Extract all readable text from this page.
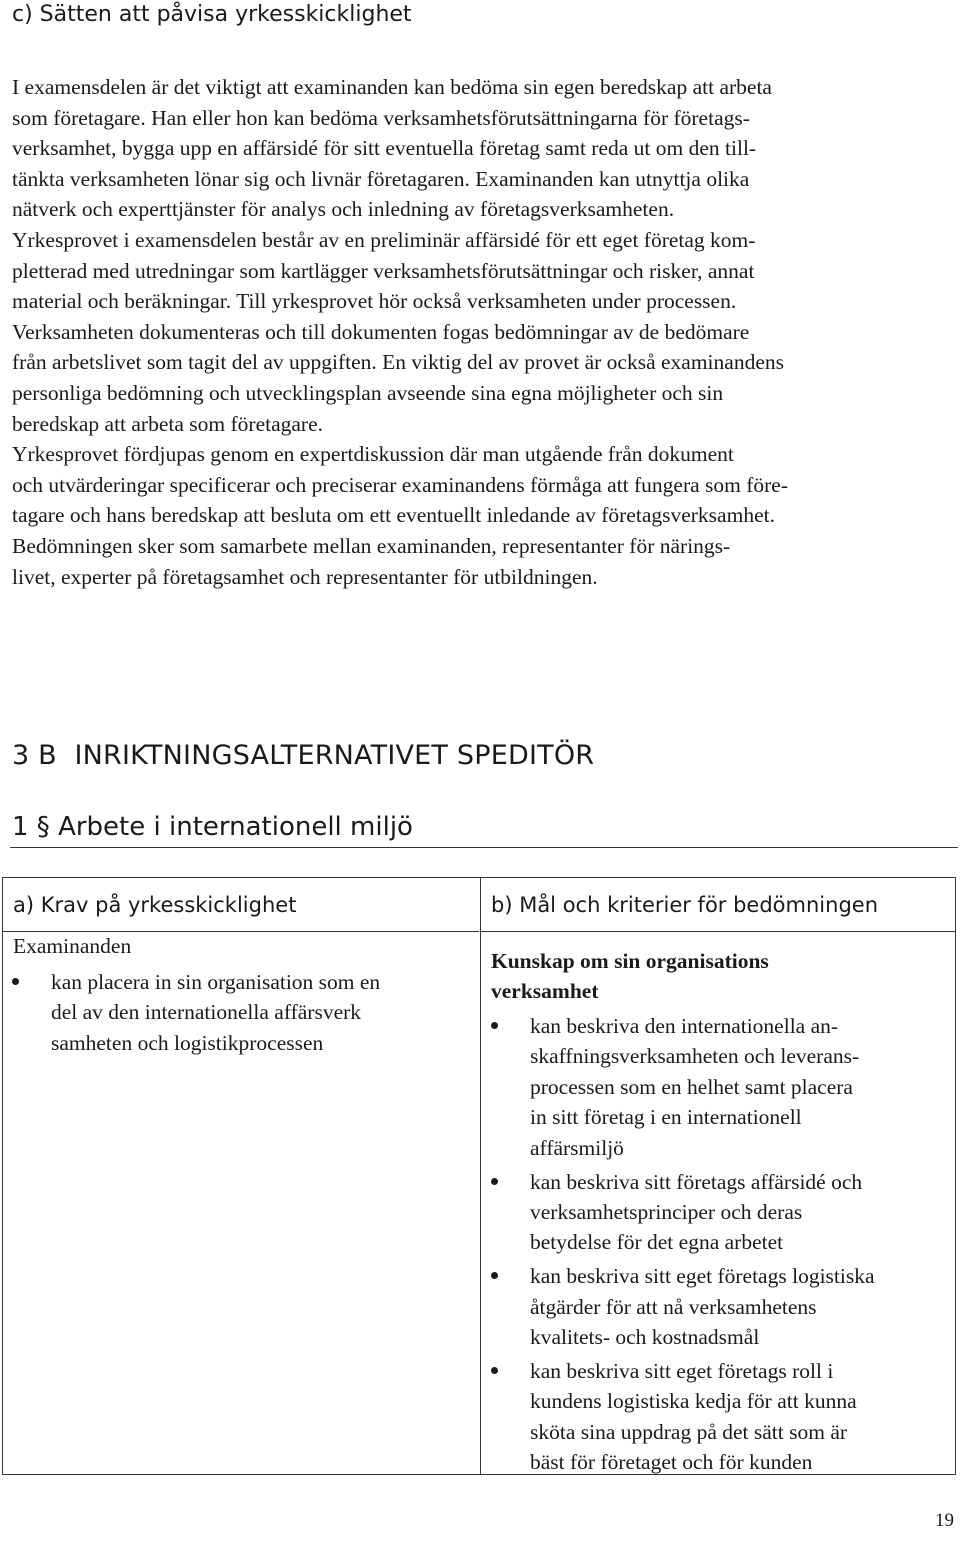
c) Sätten att påvisa yrkesskicklighet
I examensdelen är det viktigt att examinanden kan bedöma sin egen beredskap att arbeta
som företagare. Han eller hon kan bedöma verksamhetsförutsättningarna för företags-
verksamhet, bygga upp en affärsidé för sitt eventuella företag samt reda ut om den till-
tänkta verksamheten lönar sig och livnär företagaren. Examinanden kan utnyttja olika
nätverk och experttjänster för analys och inledning av företagsverksamheten.
Yrkesprovet i examensdelen består av en preliminär affärsidé för ett eget företag kom-
pletterad med utredningar som kartlägger verksamhetsförutsättningar och risker, annat
material och beräkningar. Till yrkesprovet hör också verksamheten under processen.
Verksamheten dokumenteras och till dokumenten fogas bedömningar av de bedömare
från arbetslivet som tagit del av uppgiften. En viktig del av provet är också examinandens
personliga bedömning och utvecklingsplan avseende sina egna möjligheter och sin
beredskap att arbeta som företagare.
Yrkesprovet fördjupas genom en expertdiskussion där man utgående från dokument
och utvärderingar specificerar och preciserar examinandens förmåga att fungera som före-
tagare och hans beredskap att besluta om ett eventuellt inledande av företagsverksamhet.
Bedömningen sker som samarbete mellan examinanden, representanter för närings-
livet, experter på företagsamhet och representanter för utbildningen.
3 B  INRIKTNINGSALTERNATIVET SPEDITÖR
1 § Arbete i internationell miljö
a) Krav på yrkesskicklighet	b) Mål och kriterier för bedömningen
Examinanden
kan placera in sin organisation som en
del av den internationella affärsverk
samheten och logistikprocessen
Kunskap om sin organisations
verksamhet
kan beskriva den internationella an-
skaffningsverksamheten och leverans-
processen som en helhet samt placera
in sitt företag i en internationell
affärsmiljö
kan beskriva sitt företags affärsidé och
verksamhetsprinciper och deras
betydelse för det egna arbetet
kan beskriva sitt eget företags logistiska
åtgärder för att nå verksamhetens
kvalitets- och kostnadsmål
kan beskriva sitt eget företags roll i
kundens logistiska kedja för att kunna
sköta sina uppdrag på det sätt som är
bäst för företaget och för kunden
19
